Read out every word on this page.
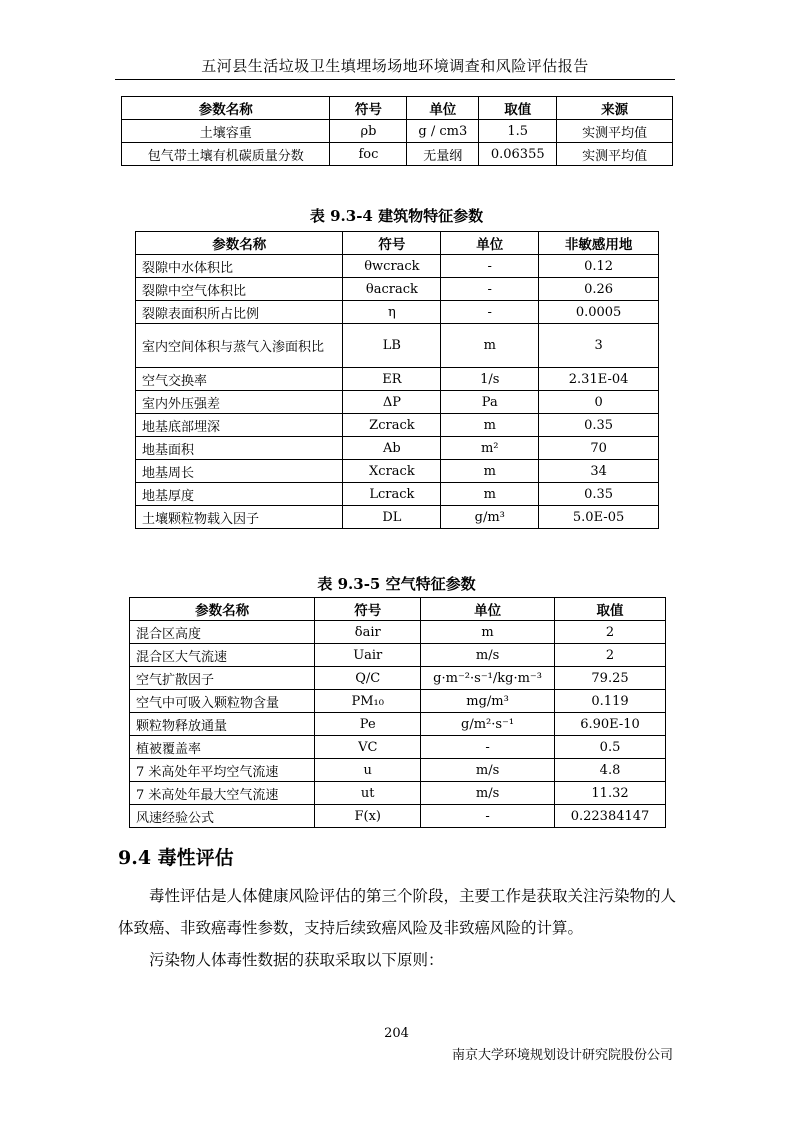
五河县生活垃圾卫生填埋场场地环境调查和风险评估报告
参数名称	符号	单位	取值	来源
土壤容重	ρb	g / cm3	1.5	实测平均值
包气带土壤有机碳质量分数	foc	无量纲	0.06355	实测平均值
表 9.3-4 建筑物特征参数
参数名称	符号	单位	非敏感用地
裂隙中水体积比	θwcrack	-	0.12
裂隙中空气体积比	θacrack	-	0.26
裂隙表面积所占比例	η	-	0.0005
室内空间体积与蒸气入渗面积比	LB	m	3
空气交换率	ER	1/s	2.31E-04
室内外压强差	ΔP	Pa	0
地基底部埋深	Zcrack	m	0.35
地基面积	Ab	m²	70
地基周长	Xcrack	m	34
地基厚度	Lcrack	m	0.35
土壤颗粒物载入因子	DL	g/m³	5.0E-05
表 9.3-5 空气特征参数
参数名称	符号	单位	取值
混合区高度	δair	m	2
混合区大气流速	Uair	m/s	2
空气扩散因子	Q/C	g·m⁻²·s⁻¹/kg·m⁻³	79.25
空气中可吸入颗粒物含量	PM₁₀	mg/m³	0.119
颗粒物释放通量	Pe	g/m²·s⁻¹	6.90E-10
植被覆盖率	VC	-	0.5
7 米高处年平均空气流速	u	m/s	4.8
7 米高处年最大空气流速	ut	m/s	11.32
风速经验公式	F(x)	-	0.22384147
9.4 毒性评估
毒性评估是人体健康风险评估的第三个阶段，主要工作是获取关注污染物的人体致癌、非致癌毒性参数，支持后续致癌风险及非致癌风险的计算。
污染物人体毒性数据的获取采取以下原则：
204
南京大学环境规划设计研究院股份公司
